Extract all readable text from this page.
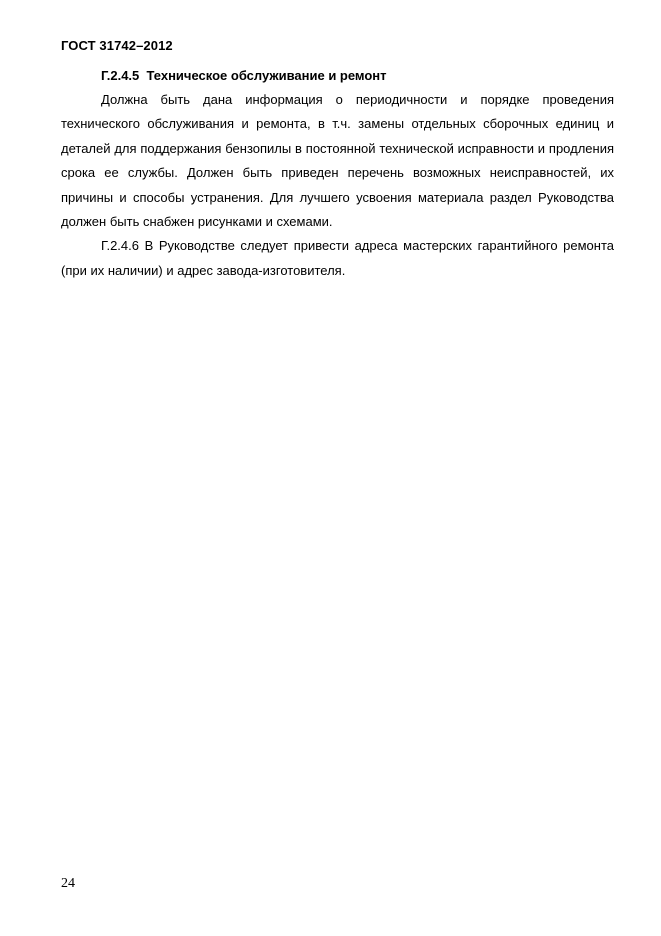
ГОСТ 31742–2012

Г.2.4.5  Техническое обслуживание и ремонт

Должна быть дана информация о периодичности и порядке проведения технического обслуживания и ремонта, в т.ч. замены отдельных сборочных единиц и деталей для поддержания бензопилы в постоянной технической исправности и продления срока ее службы. Должен быть приведен перечень возможных неисправностей, их причины и способы устранения. Для лучшего усвоения материала раздел Руководства должен быть снабжен рисунками и схемами.

Г.2.4.6 В Руководстве следует привести адреса мастерских гарантийного ремонта (при их наличии) и адрес завода-изготовителя.

24
